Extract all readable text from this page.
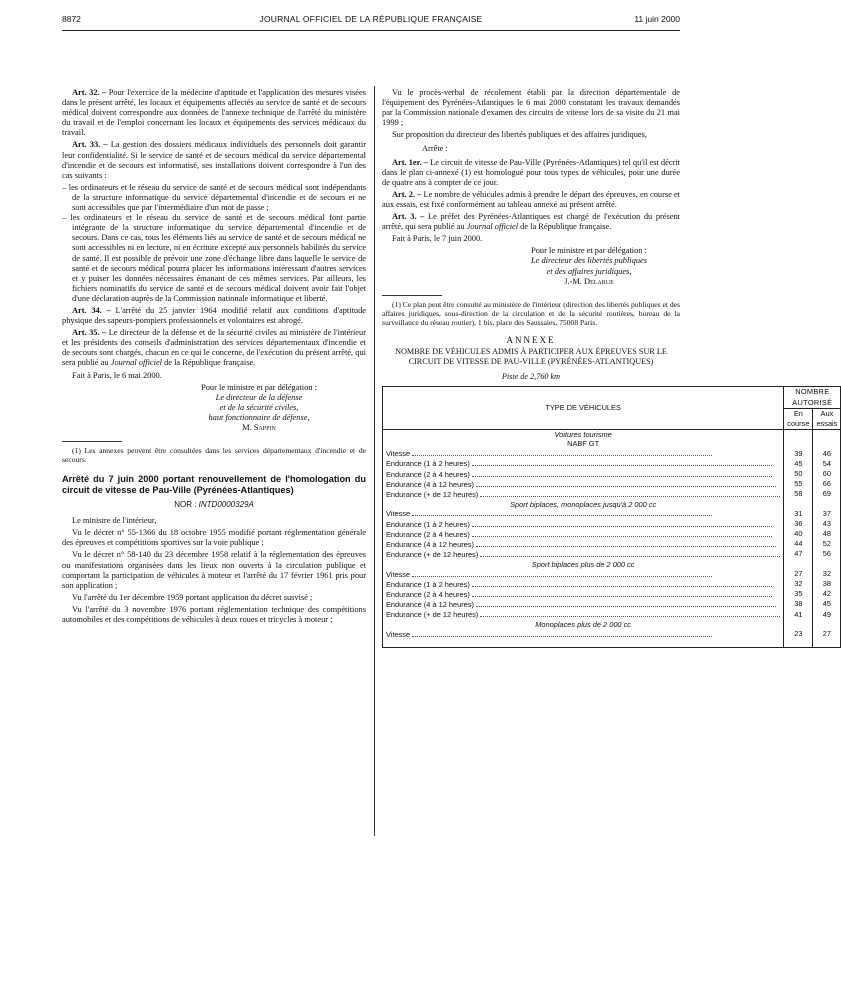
8872	JOURNAL OFFICIEL DE LA RÉPUBLIQUE FRANÇAISE	11 juin 2000

Art. 32. – Pour l'exercice de la médecine d'aptitude et l'application des mesures visées dans le présent arrêté, les locaux et équipements affectés au service de santé et de secours médical doivent correspondre aux données de l'annexe technique de l'arrêté du ministère du travail et de l'emploi concernant les locaux et équipements des services médicaux du travail.

Art. 33. – La gestion des dossiers médicaux individuels des personnels doit garantir leur confidentialité. Si le service de santé et de secours médical du service départemental d'incendie et de secours est informatisé, ses installations doivent correspondre à l'un des cas suivants :

– les ordinateurs et le réseau du service de santé et de secours médical sont indépendants de la structure informatique du service départemental d'incendie et de secours et ne sont accessibles que par l'intermédiaire d'un mot de passe ;
– les ordinateurs et le réseau du service de santé et de secours médical font partie intégrante de la structure informatique du service départemental d'incendie et de secours. Dans ce cas, tous les éléments liés au service de santé et de secours médical ne sont accessibles ni en lecture, ni en écriture excepté aux personnels habilités du service de santé. Il est possible de prévoir une zone d'échange libre dans laquelle le service de santé et de secours médical pourra placer les informations intéressant d'autres services et y puiser les données nécessaires émanant de ces mêmes services. Par ailleurs, les fichiers nominatifs du service de santé et de secours médical doivent avoir fait l'objet d'une déclaration auprès de la Commission nationale informatique et liberté.

Art. 34. – L'arrêté du 25 janvier 1964 modifié relatif aux conditions d'aptitude physique des sapeurs-pompiers professionnels et volontaires est abrogé.

Art. 35. – Le directeur de la défense et de la sécurité civiles au ministère de l'intérieur et les présidents des conseils d'administration des services départementaux d'incendie et de secours sont chargés, chacun en ce qui le concerne, de l'exécution du présent arrêté, qui sera publié au Journal officiel de la République française.

Fait à Paris, le 6 mai 2000.

Pour le ministre et par délégation :
Le directeur de la défense
et de la sécurité civiles,
haut fonctionnaire de défense,
M. Sappin

(1) Les annexes peuvent être consultées dans les services départementaux d'incendie et de secours.

Arrêté du 7 juin 2000 portant renouvellement de l'homologation du circuit de vitesse de Pau-Ville (Pyrénées-Atlantiques)
NOR : INTD0000329A

Le ministre de l'intérieur,

Vu le décret n° 55-1366 du 18 octobre 1955 modifié portant réglementation générale des épreuves et compétitions sportives sur la voie publique ;

Vu le décret n° 58-140 du 23 décembre 1958 relatif à la réglementation des épreuves ou manifestations organisées dans les lieux non ouverts à la circulation publique et comportant la participation de véhicules à moteur et l'arrêté du 17 février 1961 pris pour son application ;

Vu l'arrêté du 1er décembre 1959 portant application du décret susvisé ;

Vu l'arrêté du 3 novembre 1976 portant réglementation technique des compétitions automobiles et des compétitions de véhicules à deux roues et tricycles à moteur ;

Vu le procès-verbal de récolement établi par la direction départementale de l'équipement des Pyrénées-Atlantiques le 6 mai 2000 constatant les travaux demandés par la Commission nationale d'examen des circuits de vitesse lors de sa visite du 21 mai 1999 ;

Sur proposition du directeur des libertés publiques et des affaires juridiques,

Arrête :

Art. 1er. – Le circuit de vitesse de Pau-Ville (Pyrénées-Atlantiques) tel qu'il est décrit dans le plan ci-annexé (1) est homologué pour tous types de véhicules, pour une durée de quatre ans à compter de ce jour.

Art. 2. – Le nombre de véhicules admis à prendre le départ des épreuves, en course et aux essais, est fixé conformément au tableau annexé au présent arrêté.

Art. 3. – Le préfet des Pyrénées-Atlantiques est chargé de l'exécution du présent arrêté, qui sera publié au Journal officiel de la République française.

Fait à Paris, le 7 juin 2000.

Pour le ministre et par délégation :
Le directeur des libertés publiques
et des affaires juridiques,
J.-M. Delarue

(1) Ce plan peut être consulté au ministère de l'intérieur (direction des libertés publiques et des affaires juridiques, sous-direction de la circulation et de la sécurité routières, bureau de la surveillance du réseau routier), 1 bis, place des Saussaies, 75008 Paris.

ANNEXE
NOMBRE DE VÉHICULES ADMIS À PARTICIPER AUX ÉPREUVES SUR LE CIRCUIT DE VITESSE DE PAU-VILLE (PYRÉNÉES-ATLANTIQUES)
Piste de 2,760 km
TYPE DE VÉHICULES	NOMBRE AUTORISÉ	
	En course	Aux essais

Voitures tourisme
NABF GT		

Vitesse	39	46
Endurance (1 à 2 heures)	45	54
Endurance (2 à 4 heures)	50	60
Endurance (4 à 12 heures)	55	66
Endurance (+ de 12 heures)	58	69

Sport biplaces, monoplaces jusqu'à 2 000 cc		

Vitesse	31	37
Endurance (1 à 2 heures)	36	43
Endurance (2 à 4 heures)	40	48
Endurance (4 à 12 heures)	44	52
Endurance (+ de 12 heures)	47	56

Sport biplaces plus de 2 000 cc		

Vitesse	27	32
Endurance (1 à 2 heures)	32	38
Endurance (2 à 4 heures)	35	42
Endurance (4 à 12 heures)	38	45
Endurance (+ de 12 heures)	41	49

Monoplaces plus de 2 000 cc		

Vitesse	23	27
